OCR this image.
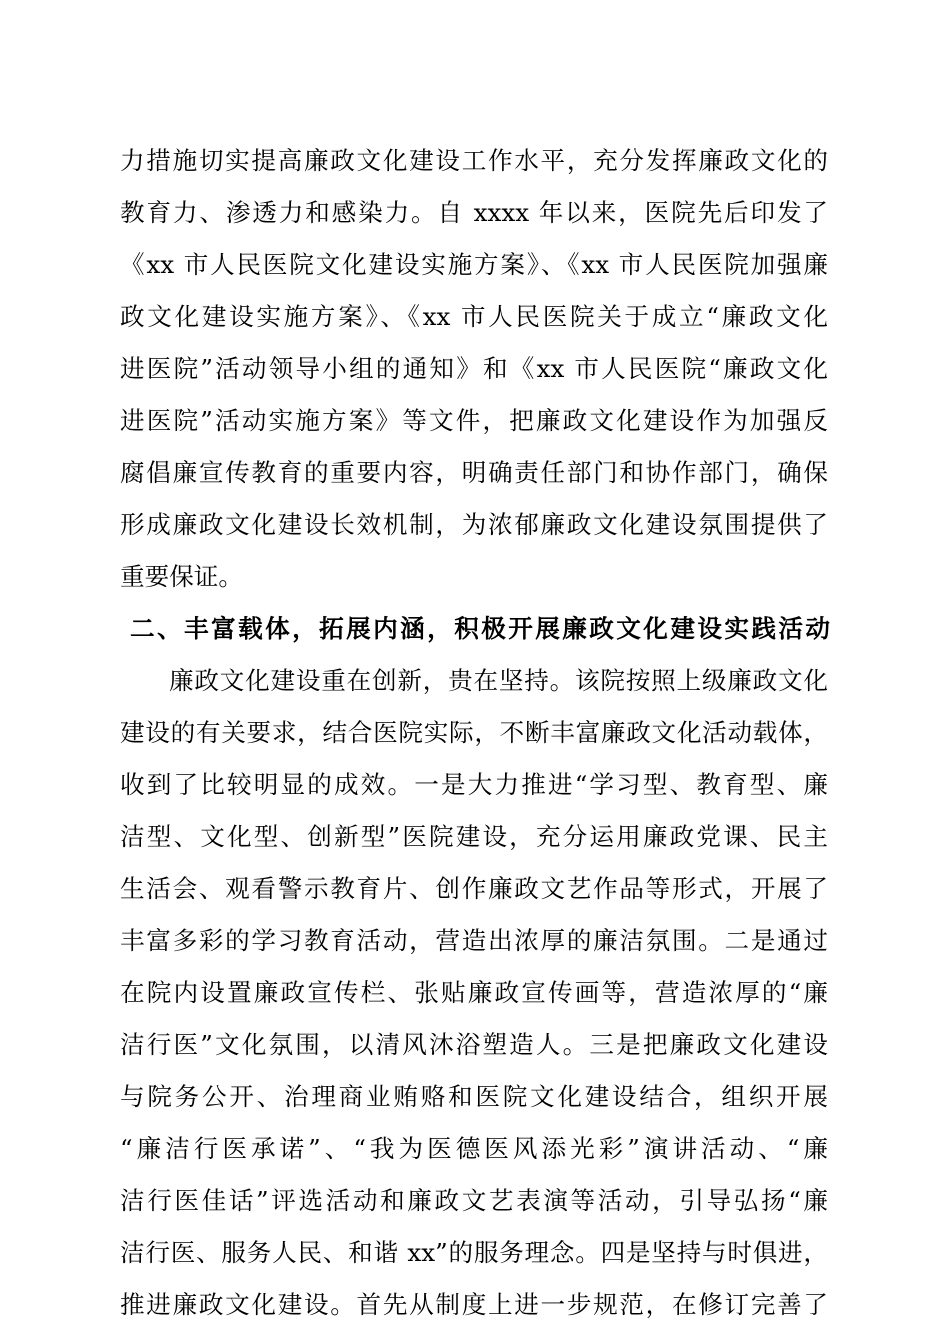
力措施切实提高廉政文化建设工作水平，充分发挥廉政文化的
教育力、渗透力和感染力。自 xxxx 年以来，医院先后印发了
《xx 市人民医院文化建设实施方案》、《xx 市人民医院加强廉
政文化建设实施方案》、《xx 市人民医院关于成立“廉政文化
进医院”活动领导小组的通知》和《xx 市人民医院“廉政文化
进医院”活动实施方案》等文件，把廉政文化建设作为加强反
腐倡廉宣传教育的重要内容，明确责任部门和协作部门，确保
形成廉政文化建设长效机制，为浓郁廉政文化建设氛围提供了
重要保证。
二、丰富载体，拓展内涵，积极开展廉政文化建设实践活动
廉政文化建设重在创新，贵在坚持。该院按照上级廉政文化
建设的有关要求，结合医院实际，不断丰富廉政文化活动载体，
收到了比较明显的成效。一是大力推进“学习型、教育型、廉
洁型、文化型、创新型”医院建设，充分运用廉政党课、民主
生活会、观看警示教育片、创作廉政文艺作品等形式，开展了
丰富多彩的学习教育活动，营造出浓厚的廉洁氛围。二是通过
在院内设置廉政宣传栏、张贴廉政宣传画等，营造浓厚的“廉
洁行医”文化氛围，以清风沐浴塑造人。三是把廉政文化建设
与院务公开、治理商业贿赂和医院文化建设结合，组织开展
“廉洁行医承诺”、“我为医德医风添光彩”演讲活动、“廉
洁行医佳话”评选活动和廉政文艺表演等活动，引导弘扬“廉
洁行医、服务人民、和谐 xx”的服务理念。四是坚持与时俱进，
推进廉政文化建设。首先从制度上进一步规范，在修订完善了
